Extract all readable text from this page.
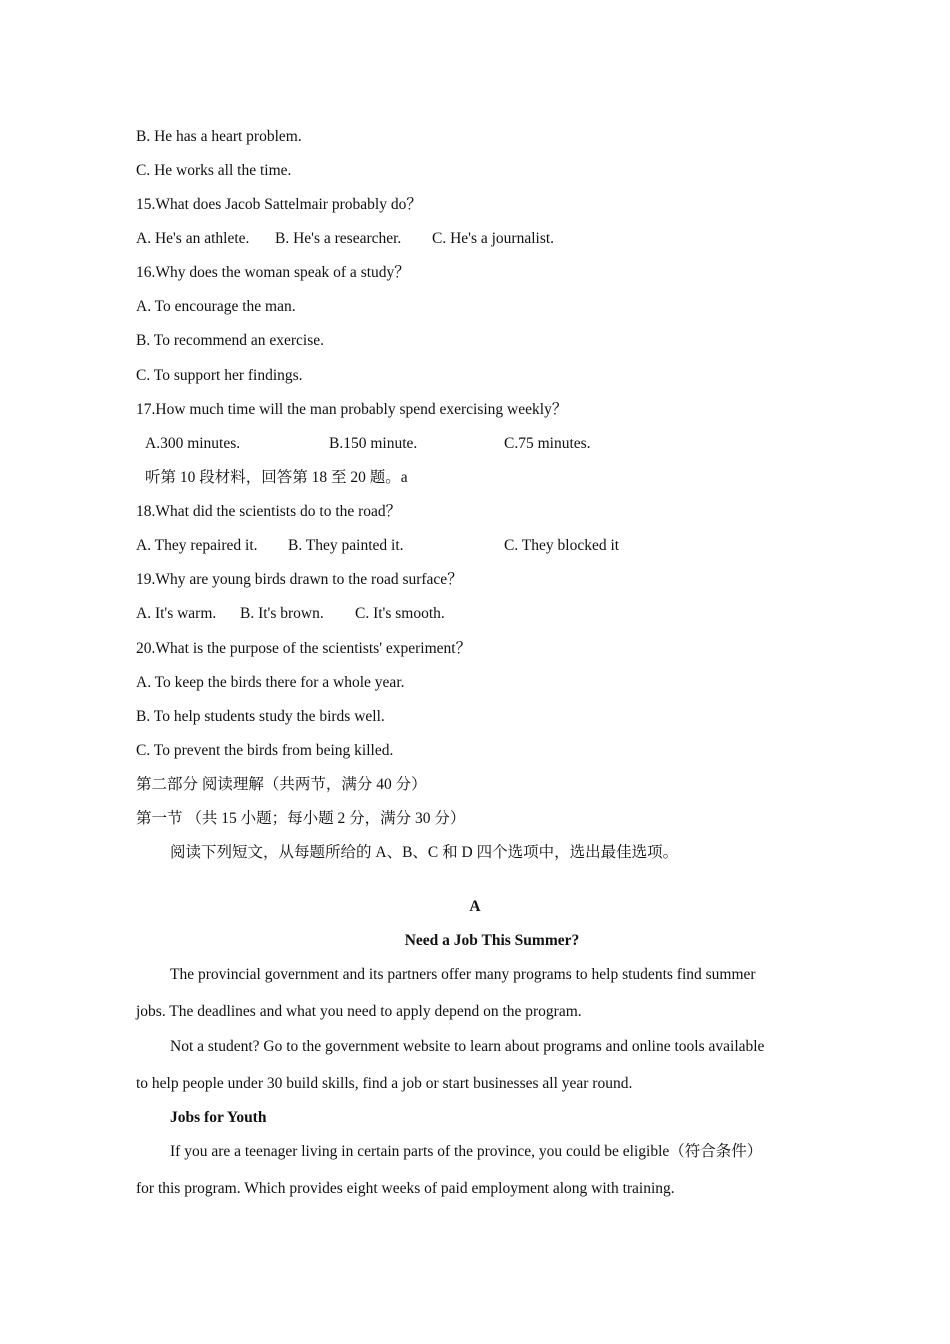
B. He has a heart problem.
C. He works all the time.
15.What does Jacob Sattelmair probably do？
A. He's an athlete. B. He's a researcher. C. He's a journalist.
16.Why does the woman speak of a study？
A. To encourage the man.
B. To recommend an exercise.
C. To support her findings.
17.How much time will the man probably spend exercising weekly？
A.300 minutes.	B.150 minute.	C.75 minutes.
听第 10 段材料，回答第 18 至 20 题。a
18.What did the scientists do to the road？
A. They repaired it. B. They painted it.	C. They blocked it
19.Why are young birds drawn to the road surface？
A. It's warm. B. It's brown. C. It's smooth.
20.What is the purpose of the scientists' experiment？
A. To keep the birds there for a whole year.
B. To help students study the birds well.
C. To prevent the birds from being killed.
第二部分 阅读理解（共两节，满分 40 分）
第一节 （共 15 小题；每小题 2 分，满分 30 分）
阅读下列短文，从每题所给的 A、B、C 和 D 四个选项中，选出最佳选项。
A
Need a Job This Summer?
The provincial government and its partners offer many programs to help students find summer
jobs. The deadlines and what you need to apply depend on the program.
Not a student? Go to the government website to learn about programs and online tools available
to help people under 30 build skills, find a job or start businesses all year round.
Jobs for Youth
If you are a teenager living in certain parts of the province, you could be eligible（符合条件）
for this program. Which provides eight weeks of paid employment along with training.
